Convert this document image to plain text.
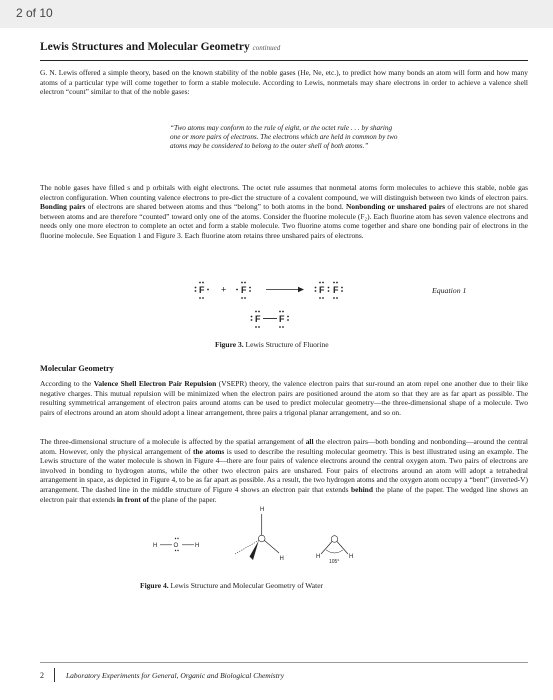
2 of 10
Lewis Structures and Molecular Geometry continued
G. N. Lewis offered a simple theory, based on the known stability of the noble gases (He, Ne, etc.), to predict how many bonds an atom will form and how many atoms of a particular type will come together to form a stable molecule. According to Lewis, nonmetals may share electrons in order to achieve a valence shell electron “count” similar to that of the noble gases:
“Two atoms may conform to the rule of eight, or the octet rule . . . by sharing one or more pairs of electrons. The electrons which are held in common by two atoms may be considered to belong to the outer shell of both atoms.”
The noble gases have filled s and p orbitals with eight electrons. The octet rule assumes that nonmetal atoms form molecules to achieve this stable, noble gas electron configuration. When counting valence electrons to pre-dict the structure of a covalent compound, we will distinguish between two kinds of electron pairs. Bonding pairs of electrons are shared between atoms and thus “belong” to both atoms in the bond. Nonbonding or unshared pairs of electrons are not shared between atoms and are therefore “counted” toward only one of the atoms. Consider the fluorine molecule (F₂). Each fluorine atom has seven valence electrons and needs only one more electron to complete an octet and form a stable molecule. Two fluorine atoms come together and share one bonding pair of electrons in the fluorine molecule. See Equation 1 and Figure 3. Each fluorine atom retains three unshared pairs of electrons.
F + F	F F
F F
H	O	H
H
H	H	H
105°
Equation 1
Figure 3. Lewis Structure of Fluorine
Molecular Geometry
According to the Valence Shell Electron Pair Repulsion (VSEPR) theory, the valence electron pairs that sur-round an atom repel one another due to their like negative charges. This mutual repulsion will be minimized when the electron pairs are positioned around the atom so that they are as far apart as possible. The resulting symmetrical arrangement of electron pairs around atoms can be used to predict molecular geometry—the three-dimensional shape of a molecule. Two pairs of electrons around an atom should adopt a linear arrangement, three pairs a trigonal planar arrangement, and so on.
The three-dimensional structure of a molecule is affected by the spatial arrangement of all the electron pairs—both bonding and nonbonding—around the central atom. However, only the physical arrangement of the atoms is used to describe the resulting molecular geometry. This is best illustrated using an example. The Lewis structure of the water molecule is shown in Figure 4—there are four pairs of valence electrons around the central oxygen atom. Two pairs of electrons are involved in bonding to hydrogen atoms, while the other two electron pairs are unshared. Four pairs of electrons around an atom will adopt a tetrahedral arrangement in space, as depicted in Figure 4, to be as far apart as possible. As a result, the two hydrogen atoms and the oxygen atom occupy a “bent” (inverted-V) arrangement. The dashed line in the middle structure of Figure 4 shows an electron pair that extends behind the plane of the paper. The wedged line shows an electron pair that extends in front of the plane of the paper.
Figure 4. Lewis Structure and Molecular Geometry of Water
2	Laboratory Experiments for General, Organic and Biological Chemistry
